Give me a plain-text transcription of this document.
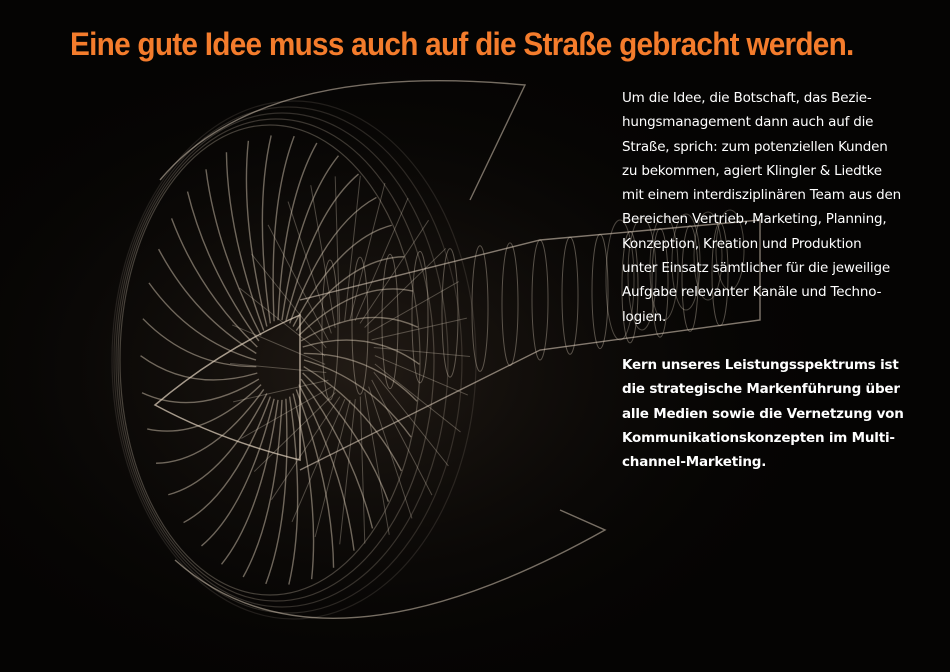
Eine gute Idee muss auch auf die Straße gebracht werden.

Um die Idee, die Botschaft, das Bezie-
hungsmanagement dann auch auf die
Straße, sprich: zum potenziellen Kunden
zu bekommen, agiert Klingler & Liedtke
mit einem interdisziplinären Team aus den
Bereichen Vertrieb, Marketing, Planning,
Konzeption, Kreation und Produktion
unter Einsatz sämtlicher für die jeweilige
Aufgabe relevanter Kanäle und Techno-
logien.

Kern unseres Leistungsspektrums ist
die strategische Markenführung über
alle Medien sowie die Vernetzung von
Kommunikationskonzepten im Multi-
channel-Marketing.
